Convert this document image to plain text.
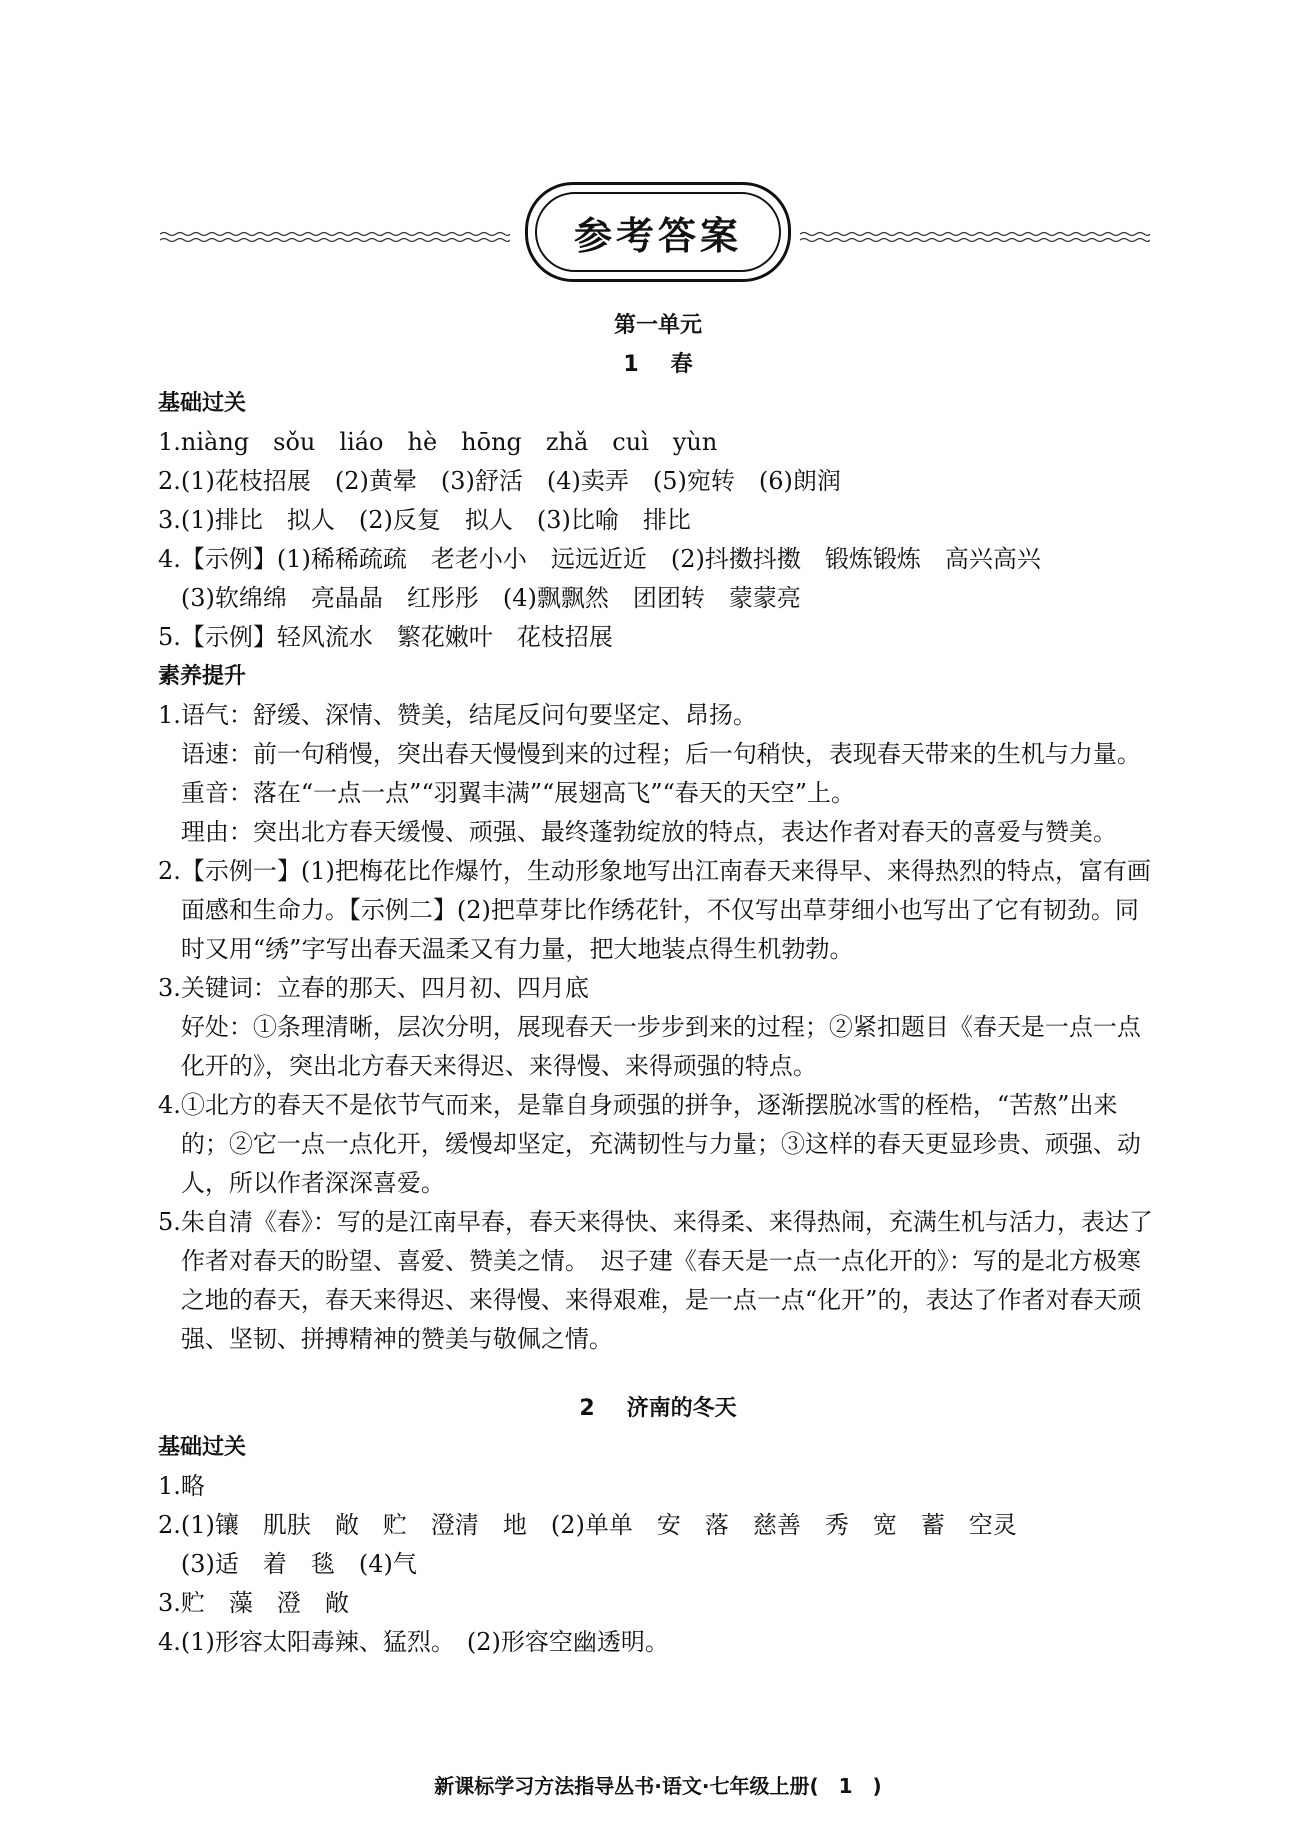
参考答案
第一单元
1 春
基础过关
1. niàng　sǒu　liáo　hè　hōng　zhǎ　cuì　yùn
2. (1)花枝招展　(2)黄晕　(3)舒活　(4)卖弄　(5)宛转　(6)朗润
3. (1)排比　拟人　(2)反复　拟人　(3)比喻　排比
4. 【示例】(1)稀稀疏疏　老老小小　远远近近　(2)抖擞抖擞　锻炼锻炼　高兴高兴
(3)软绵绵　亮晶晶　红彤彤　(4)飘飘然　团团转　蒙蒙亮
5. 【示例】轻风流水　繁花嫩叶　花枝招展
素养提升
1. 语气：舒缓、深情、赞美，结尾反问句要坚定、昂扬。
语速：前一句稍慢，突出春天慢慢到来的过程；后一句稍快，表现春天带来的生机与力量。
重音：落在“一点一点”“羽翼丰满”“展翅高飞”“春天的天空”上。
理由：突出北方春天缓慢、顽强、最终蓬勃绽放的特点，表达作者对春天的喜爱与赞美。
2. 【示例一】(1)把梅花比作爆竹，生动形象地写出江南春天来得早、来得热烈的特点，富有画面感和生命力。【示例二】(2)把草芽比作绣花针，不仅写出草芽细小也写出了它有韧劲。同时又用“绣”字写出春天温柔又有力量，把大地装点得生机勃勃。
3. 关键词：立春的那天、四月初、四月底
好处：①条理清晰，层次分明，展现春天一步步到来的过程；②紧扣题目《春天是一点一点化开的》，突出北方春天来得迟、来得慢、来得顽强的特点。
4. ①北方的春天不是依节气而来，是靠自身顽强的拼争，逐渐摆脱冰雪的桎梏，“苦熬”出来的；②它一点一点化开，缓慢却坚定，充满韧性与力量；③这样的春天更显珍贵、顽强、动人，所以作者深深喜爱。
5. 朱自清《春》：写的是江南早春，春天来得快、来得柔、来得热闹，充满生机与活力，表达了作者对春天的盼望、喜爱、赞美之情。　迟子建《春天是一点一点化开的》：写的是北方极寒之地的春天，春天来得迟、来得慢、来得艰难，是一点一点“化开”的，表达了作者对春天顽强、坚韧、拼搏精神的赞美与敬佩之情。
2 济南的冬天
基础过关
1. 略
2. (1)镶　肌肤　敞　贮　澄清　地　(2)单单　安　落　慈善　秀　宽　蓄　空灵
(3)适　着　毯　(4)气
3. 贮　藻　澄　敞
4. (1)形容太阳毒辣、猛烈。　(2)形容空幽透明。
新课标学习方法指导丛书·语文·七年级上册(　1　)
